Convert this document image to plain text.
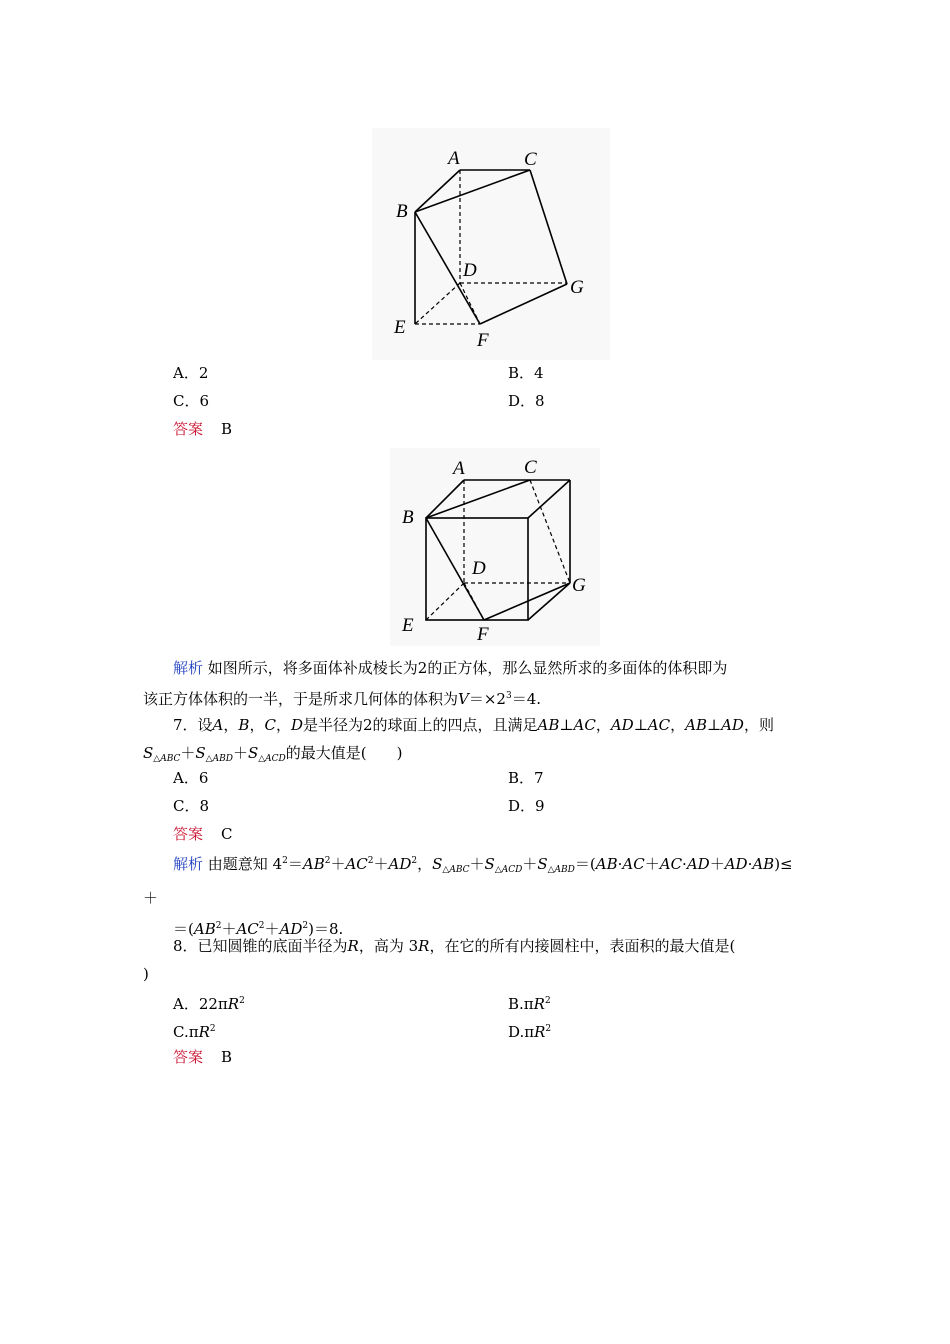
A	C
B
D
G
E
F
A．2	B．4
C．6	D．8
答案 B
A	C
B
D
G
E	F
解析 如图所示，将多面体补成棱长为2的正方体，那么显然所求的多面体的体积即为
该正方体体积的一半，于是所求几何体的体积为$V=\times 2^3=4$.
7．设A，B，C，D是半径为2的球面上的四点，且满足AB⊥AC，AD⊥AC，AB⊥AD，则
$S_{\triangle ABC}+S_{\triangle ABD}+S_{\triangle ACD}$的最大值是(　　)
A．6	B．7
C．8	D．9
答案 C
解析 由题意知 $4^2=AB^2+AC^2+AD^2$，$S_{\triangle ABC}+S_{\triangle ACD}+S_{\triangle ABD}=(AB\cdot AC+AC\cdot AD+AD\cdot AB)\le$
＋
$=(AB^2+AC^2+AD^2)=8$.
8．已知圆锥的底面半径为R，高为 3R，在它的所有内接圆柱中，表面积的最大值是(
)
A．$22\pi R^2$	$B.\pi R^2$
$C.\pi R^2$	$D.\pi R^2$
答案 B
